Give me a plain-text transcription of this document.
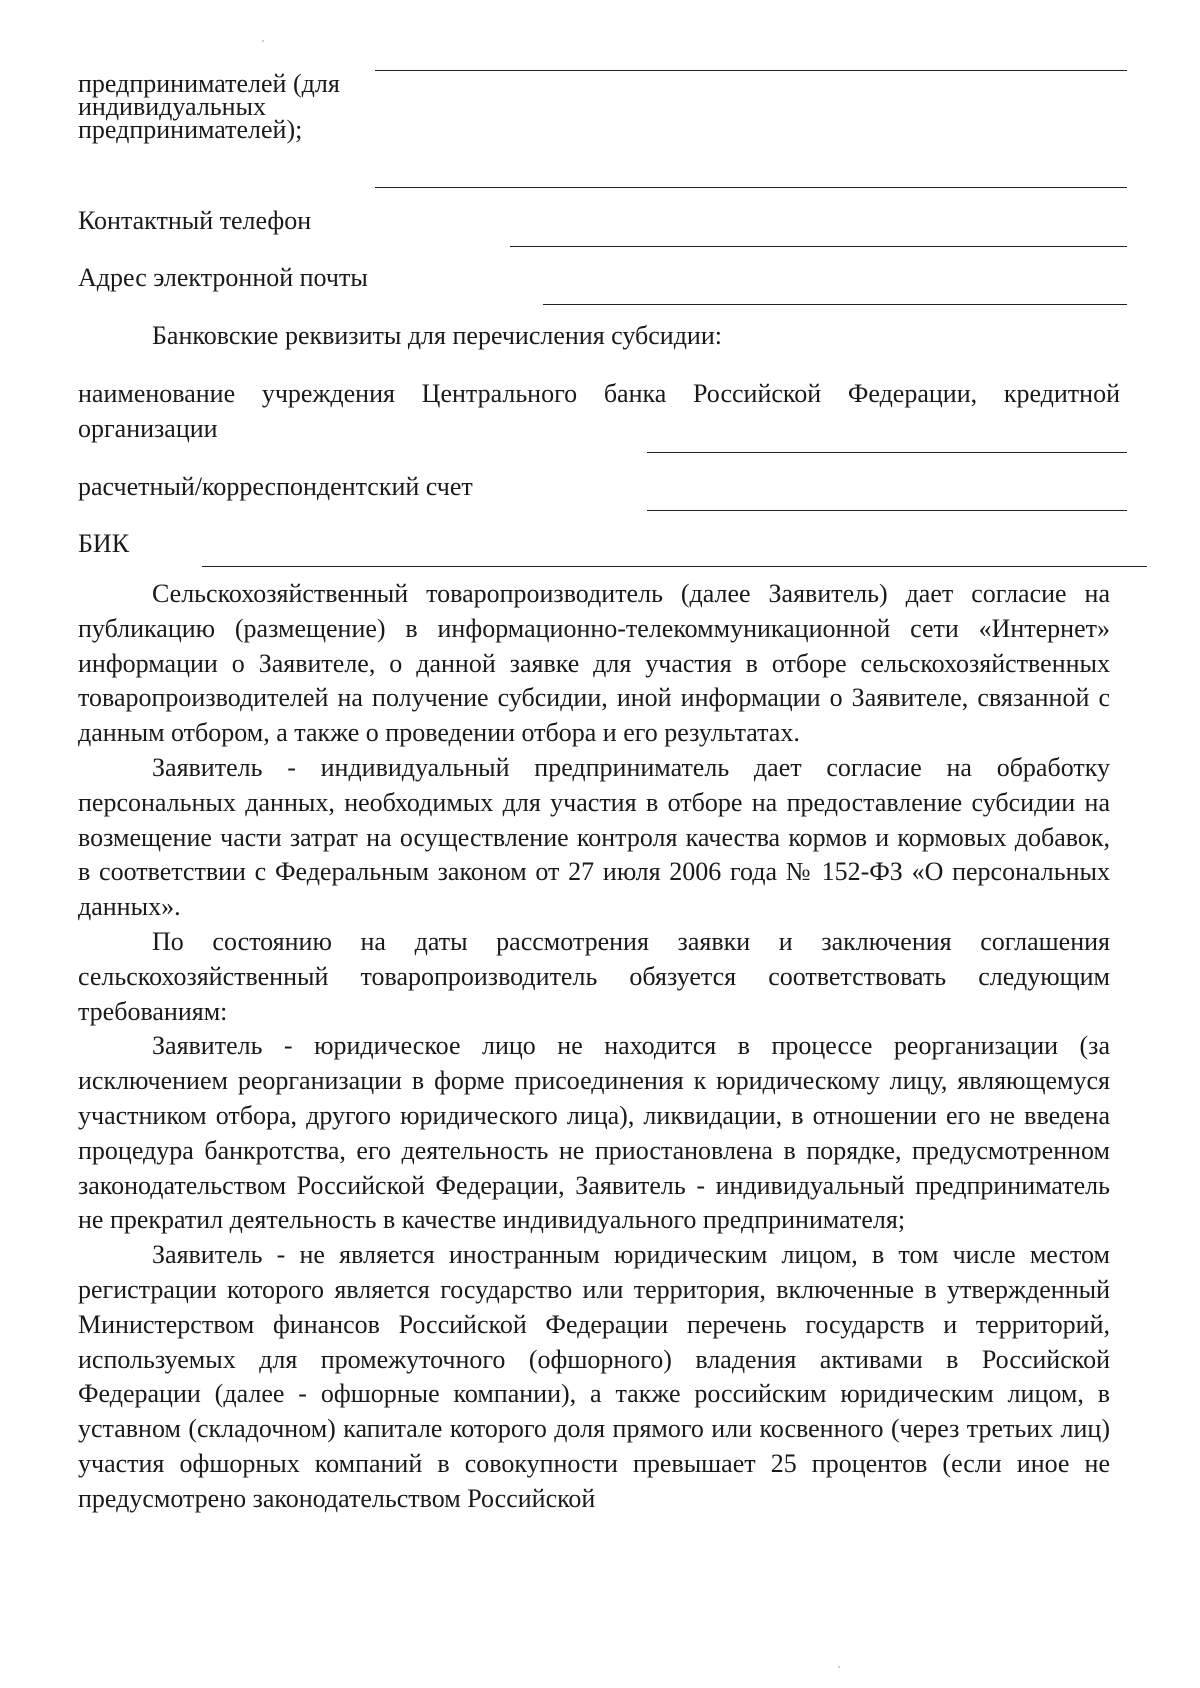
предпринимателей (для
индивидуальных
предпринимателей);
Контактный телефон
Адрес электронной почты
Банковские реквизиты для перечисления субсидии:
наименование учреждения Центрального банка Российской Федерации, кредитной
организации
расчетный/корреспондентский счет
БИК

Сельскохозяйственный товаропроизводитель (далее Заявитель) дает согласие на публикацию (размещение) в информационно-телекоммуникационной сети «Интернет» информации о Заявителе, о данной заявке для участия в отборе сельскохозяйственных товаропроизводителей на получение субсидии, иной информации о Заявителе, связанной с данным отбором, а также о проведении отбора и его результатах.

Заявитель - индивидуальный предприниматель дает согласие на обработку персональных данных, необходимых для участия в отборе на предоставление субсидии на возмещение части затрат на осуществление контроля качества кормов и кормовых добавок, в соответствии с Федеральным законом от 27 июля 2006 года № 152-ФЗ «О персональных данных».

По состоянию на даты рассмотрения заявки и заключения соглашения сельскохозяйственный товаропроизводитель обязуется соответствовать следующим требованиям:

Заявитель - юридическое лицо не находится в процессе реорганизации (за исключением реорганизации в форме присоединения к юридическому лицу, являющемуся участником отбора, другого юридического лица), ликвидации, в отношении его не введена процедура банкротства, его деятельность не приостановлена в порядке, предусмотренном законодательством Российской Федерации, Заявитель - индивидуальный предприниматель не прекратил деятельность в качестве индивидуального предпринимателя;

Заявитель - не является иностранным юридическим лицом, в том числе местом регистрации которого является государство или территория, включенные в утвержденный Министерством финансов Российской Федерации перечень государств и территорий, используемых для промежуточного (офшорного) владения активами в Российской Федерации (далее - офшорные компании), а также российским юридическим лицом, в уставном (складочном) капитале которого доля прямого или косвенного (через третьих лиц) участия офшорных компаний в совокупности превышает 25 процентов (если иное не предусмотрено законодательством Российской
